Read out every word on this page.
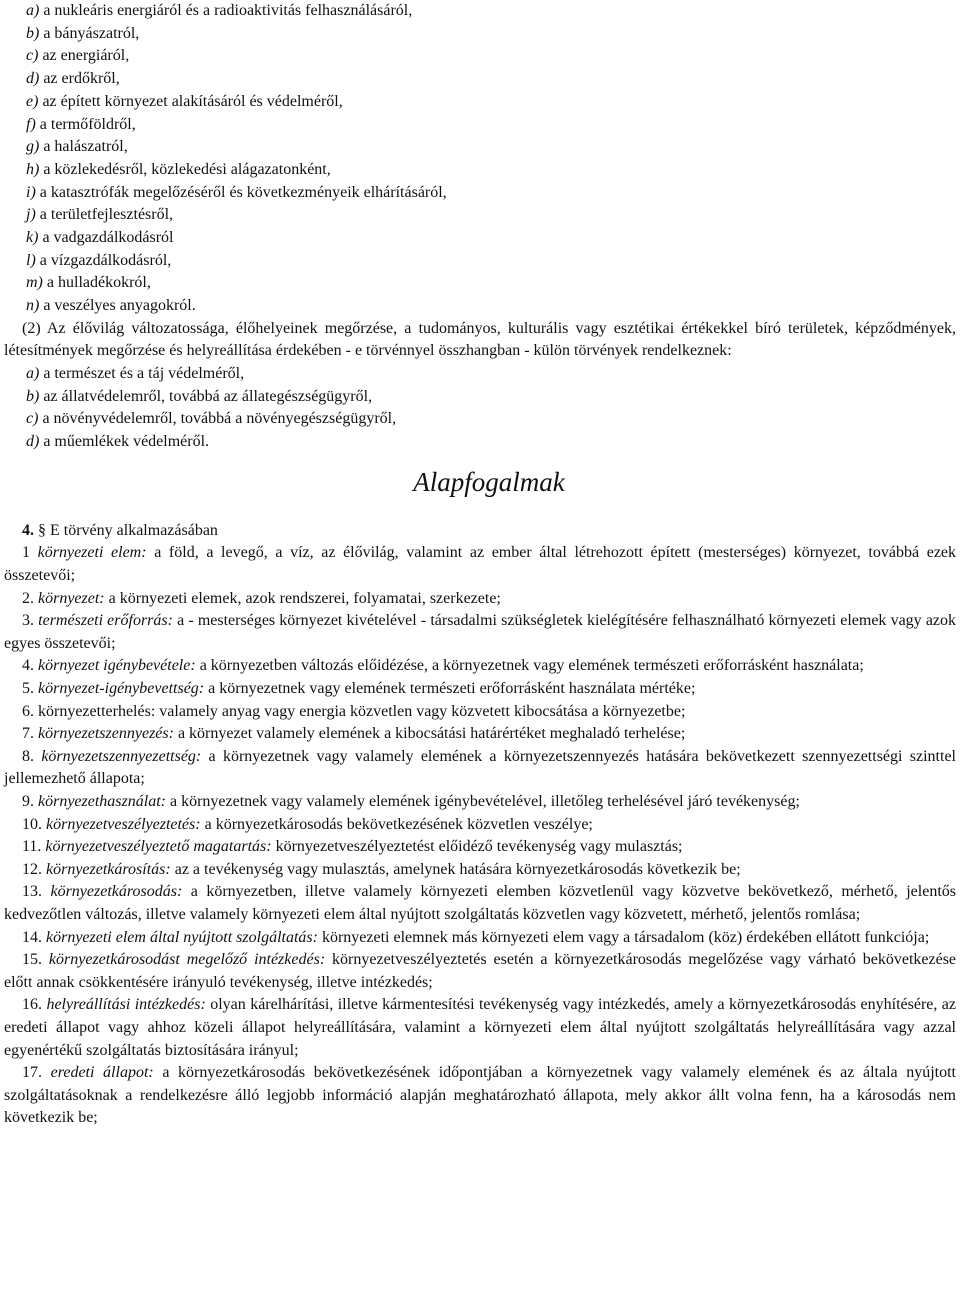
a) a nukleáris energiáról és a radioaktivitás felhasználásáról,
b) a bányászatról,
c) az energiáról,
d) az erdőkről,
e) az épített környezet alakításáról és védelméről,
f) a termőföldről,
g) a halászatról,
h) a közlekedésről, közlekedési alágazatonként,
i) a katasztrófák megelőzéséről és következményeik elhárításáról,
j) a területfejlesztésről,
k) a vadgazdálkodásról
l) a vízgazdálkodásról,
m) a hulladékokról,
n) a veszélyes anyagokról.

(2) Az élővilág változatossága, élőhelyeinek megőrzése, a tudományos, kulturális vagy esztétikai értékekkel bíró területek, képződmények, létesítmények megőrzése és helyreállítása érdekében - e törvénnyel összhangban - külön törvények rendelkeznek:

a) a természet és a táj védelméről,
b) az állatvédelemről, továbbá az állategészségügyről,
c) a növényvédelemről, továbbá a növényegészségügyről,
d) a műemlékek védelméről.
Alapfogalmak
4. § E törvény alkalmazásában

1 környezeti elem: a föld, a levegő, a víz, az élővilág, valamint az ember által létrehozott épített (mesterséges) környezet, továbbá ezek összetevői;

2. környezet: a környezeti elemek, azok rendszerei, folyamatai, szerkezete;

3. természeti erőforrás: a - mesterséges környezet kivételével - társadalmi szükségletek kielégítésére felhasználható környezeti elemek vagy azok egyes összetevői;

4. környezet igénybevétele: a környezetben változás előidézése, a környezetnek vagy elemének természeti erőforrásként használata;

5. környezet-igénybevettség: a környezetnek vagy elemének természeti erőforrásként használata mértéke;

6. környezetterhelés: valamely anyag vagy energia közvetlen vagy közvetett kibocsátása a környezetbe;

7. környezetszennyezés: a környezet valamely elemének a kibocsátási határértéket meghaladó terhelése;

8. környezetszennyezettség: a környezetnek vagy valamely elemének a környezetszennyezés hatására bekövetkezett szennyezettségi szinttel jellemezhető állapota;

9. környezethasználat: a környezetnek vagy valamely elemének igénybevételével, illetőleg terhelésével járó tevékenység;

10. környezetveszélyeztetés: a környezetkárosodás bekövetkezésének közvetlen veszélye;

11. környezetveszélyeztető magatartás: környezetveszélyeztetést előidéző tevékenység vagy mulasztás;

12. környezetkárosítás: az a tevékenység vagy mulasztás, amelynek hatására környezetkárosodás következik be;

13. környezetkárosodás: a környezetben, illetve valamely környezeti elemben közvetlenül vagy közvetve bekövetkező, mérhető, jelentős kedvezőtlen változás, illetve valamely környezeti elem által nyújtott szolgáltatás közvetlen vagy közvetett, mérhető, jelentős romlása;

14. környezeti elem által nyújtott szolgáltatás: környezeti elemnek más környezeti elem vagy a társadalom (köz) érdekében ellátott funkciója;

15. környezetkárosodást megelőző intézkedés: környezetveszélyeztetés esetén a környezetkárosodás megelőzése vagy várható bekövetkezése előtt annak csökkentésére irányuló tevékenység, illetve intézkedés;

16. helyreállítási intézkedés: olyan kárelhárítási, illetve kármentesítési tevékenység vagy intézkedés, amely a környezetkárosodás enyhítésére, az eredeti állapot vagy ahhoz közeli állapot helyreállítására, valamint a környezeti elem által nyújtott szolgáltatás helyreállítására vagy azzal egyenértékű szolgáltatás biztosítására irányul;

17. eredeti állapot: a környezetkárosodás bekövetkezésének időpontjában a környezetnek vagy valamely elemének és az általa nyújtott szolgáltatásoknak a rendelkezésre álló legjobb információ alapján meghatározható állapota, mely akkor állt volna fenn, ha a károsodás nem következik be;
